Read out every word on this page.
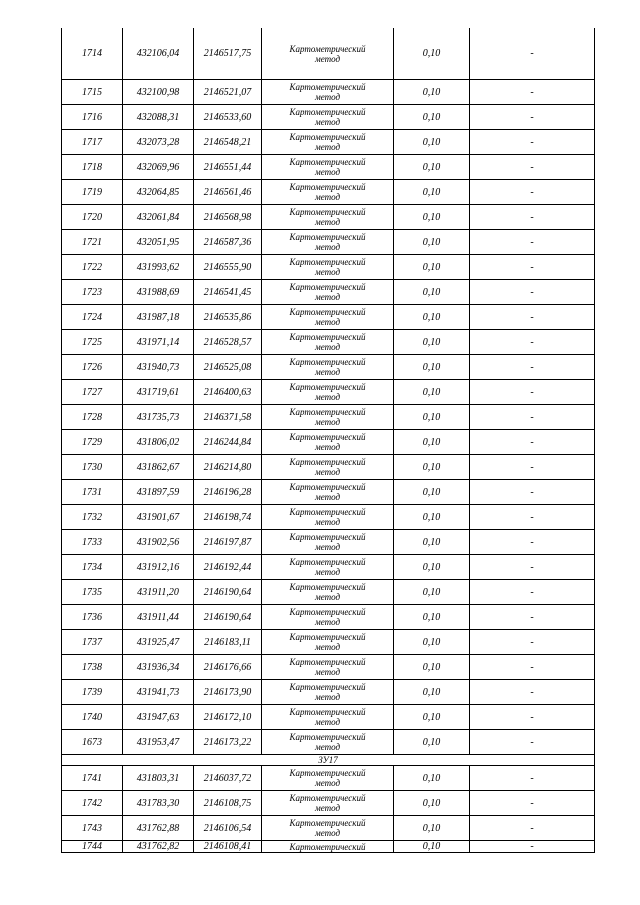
1714	432106,04	2146517,75	Картометрический
метод	0,10	-
1715	432100,98	2146521,07	Картометрический
метод	0,10	-
1716	432088,31	2146533,60	Картометрический
метод	0,10	-
1717	432073,28	2146548,21	Картометрический
метод	0,10	-
1718	432069,96	2146551,44	Картометрический
метод	0,10	-
1719	432064,85	2146561,46	Картометрический
метод	0,10	-
1720	432061,84	2146568,98	Картометрический
метод	0,10	-
1721	432051,95	2146587,36	Картометрический
метод	0,10	-
1722	431993,62	2146555,90	Картометрический
метод	0,10	-
1723	431988,69	2146541,45	Картометрический
метод	0,10	-
1724	431987,18	2146535,86	Картометрический
метод	0,10	-
1725	431971,14	2146528,57	Картометрический
метод	0,10	-
1726	431940,73	2146525,08	Картометрический
метод	0,10	-
1727	431719,61	2146400,63	Картометрический
метод	0,10	-
1728	431735,73	2146371,58	Картометрический
метод	0,10	-
1729	431806,02	2146244,84	Картометрический
метод	0,10	-
1730	431862,67	2146214,80	Картометрический
метод	0,10	-
1731	431897,59	2146196,28	Картометрический
метод	0,10	-
1732	431901,67	2146198,74	Картометрический
метод	0,10	-
1733	431902,56	2146197,87	Картометрический
метод	0,10	-
1734	431912,16	2146192,44	Картометрический
метод	0,10	-
1735	431911,20	2146190,64	Картометрический
метод	0,10	-
1736	431911,44	2146190,64	Картометрический
метод	0,10	-
1737	431925,47	2146183,11	Картометрический
метод	0,10	-
1738	431936,34	2146176,66	Картометрический
метод	0,10	-
1739	431941,73	2146173,90	Картометрический
метод	0,10	-
1740	431947,63	2146172,10	Картометрический
метод	0,10	-
1673	431953,47	2146173,22	Картометрический
метод	0,10	-
ЗУ17					
1741	431803,31	2146037,72	Картометрический
метод	0,10	-
1742	431783,30	2146108,75	Картометрический
метод	0,10	-
1743	431762,88	2146106,54	Картометрический
метод	0,10	-
1744	431762,82	2146108,41	Картометрический	0,10	-
